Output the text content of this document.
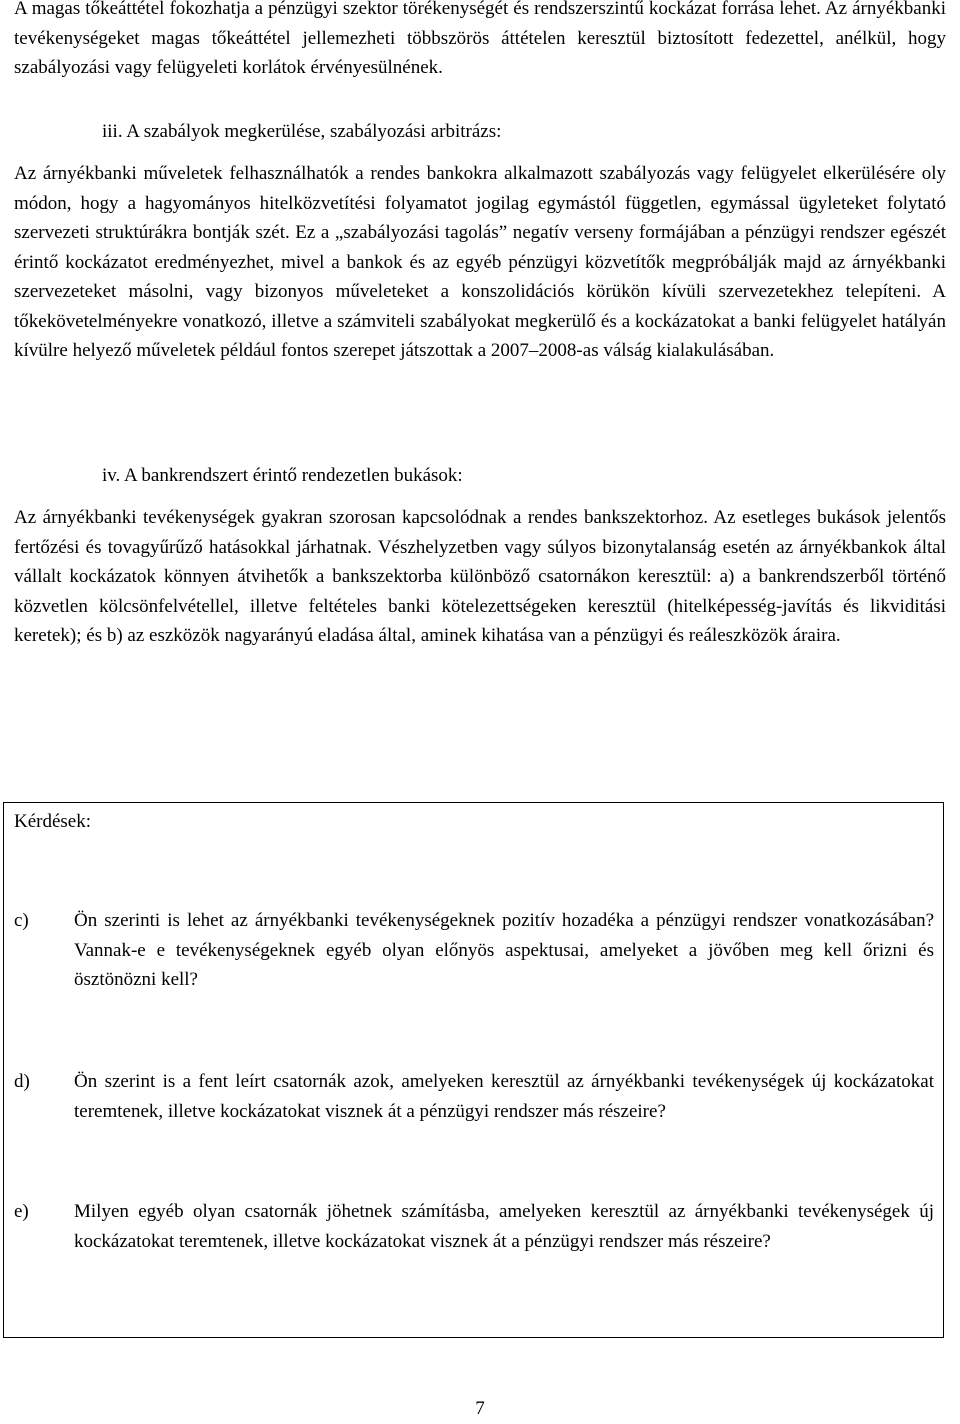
A magas tőkeáttétel fokozhatja a pénzügyi szektor törékenységét és rendszerszintű kockázat forrása lehet. Az árnyékbanki tevékenységeket magas tőkeáttétel jellemezheti többszörös áttételen keresztül biztosított fedezettel, anélkül, hogy szabályozási vagy felügyeleti korlátok érvényesülnének.

iii. A szabályok megkerülése, szabályozási arbitrázs:

Az árnyékbanki műveletek felhasználhatók a rendes bankokra alkalmazott szabályozás vagy felügyelet elkerülésére oly módon, hogy a hagyományos hitelközvetítési folyamatot jogilag egymástól független, egymással ügyleteket folytató szervezeti struktúrákra bontják szét. Ez a „szabályozási tagolás” negatív verseny formájában a pénzügyi rendszer egészét érintő kockázatot eredményezhet, mivel a bankok és az egyéb pénzügyi közvetítők megpróbálják majd az árnyékbanki szervezeteket másolni, vagy bizonyos műveleteket a konszolidációs körükön kívüli szervezetekhez telepíteni. A tőkekövetelményekre vonatkozó, illetve a számviteli szabályokat megkerülő és a kockázatokat a banki felügyelet hatályán kívülre helyező műveletek például fontos szerepet játszottak a 2007–2008-as válság kialakulásában.

iv. A bankrendszert érintő rendezetlen bukások:

Az árnyékbanki tevékenységek gyakran szorosan kapcsolódnak a rendes bankszektorhoz. Az esetleges bukások jelentős fertőzési és tovagyűrűző hatásokkal járhatnak. Vészhelyzetben vagy súlyos bizonytalanság esetén az árnyékbankok által vállalt kockázatok könnyen átvihetők a bankszektorba különböző csatornákon keresztül: a) a bankrendszerből történő közvetlen kölcsönfelvétellel, illetve feltételes banki kötelezettségeken keresztül (hitelképesség-javítás és likviditási keretek); és b) az eszközök nagyarányú eladása által, aminek kihatása van a pénzügyi és reáleszközök áraira.

Kérdések:
c)	Ön szerinti is lehet az árnyékbanki tevékenységeknek pozitív hozadéka a pénzügyi rendszer vonatkozásában? Vannak-e e tevékenységeknek egyéb olyan előnyös aspektusai, amelyeket a jövőben meg kell őrizni és ösztönözni kell?
d)	Ön szerint is a fent leírt csatornák azok, amelyeken keresztül az árnyékbanki tevékenységek új kockázatokat teremtenek, illetve kockázatokat visznek át a pénzügyi rendszer más részeire?
e)	Milyen egyéb olyan csatornák jöhetnek számításba, amelyeken keresztül az árnyékbanki tevékenységek új kockázatokat teremtenek, illetve kockázatokat visznek át a pénzügyi rendszer más részeire?
7
